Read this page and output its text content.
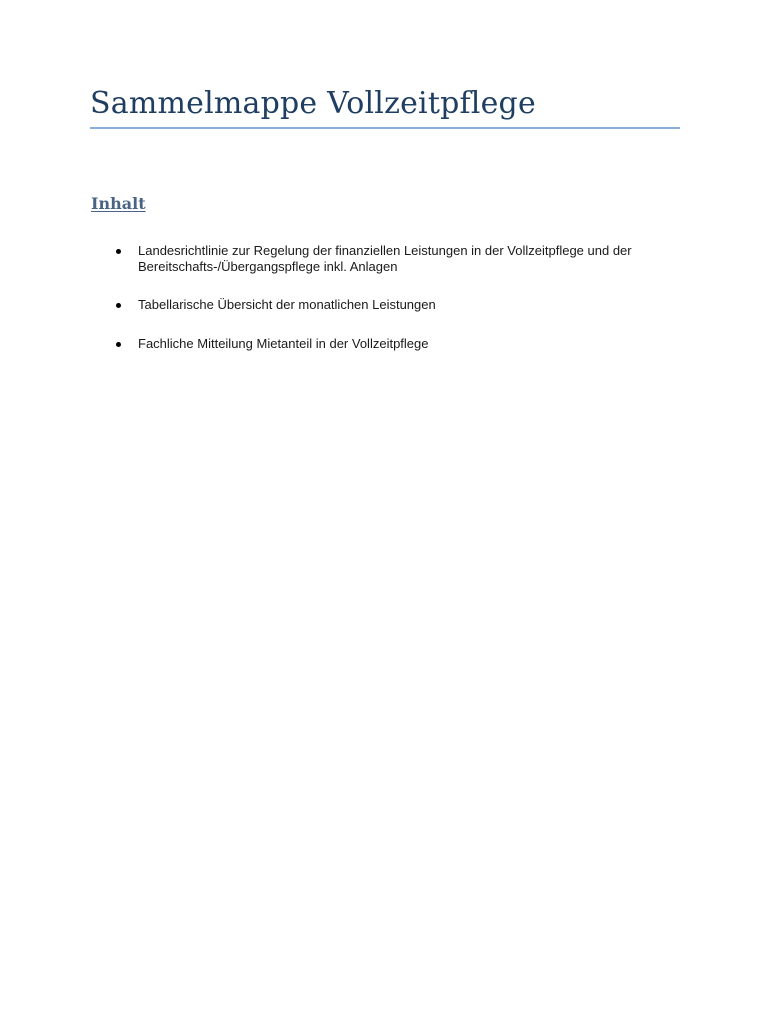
Sammelmappe Vollzeitpflege
Inhalt
Landesrichtlinie zur Regelung der finanziellen Leistungen in der Vollzeitpflege und der Bereitschafts-/Übergangspflege inkl. Anlagen
Tabellarische Übersicht der monatlichen Leistungen
Fachliche Mitteilung Mietanteil in der Vollzeitpflege
